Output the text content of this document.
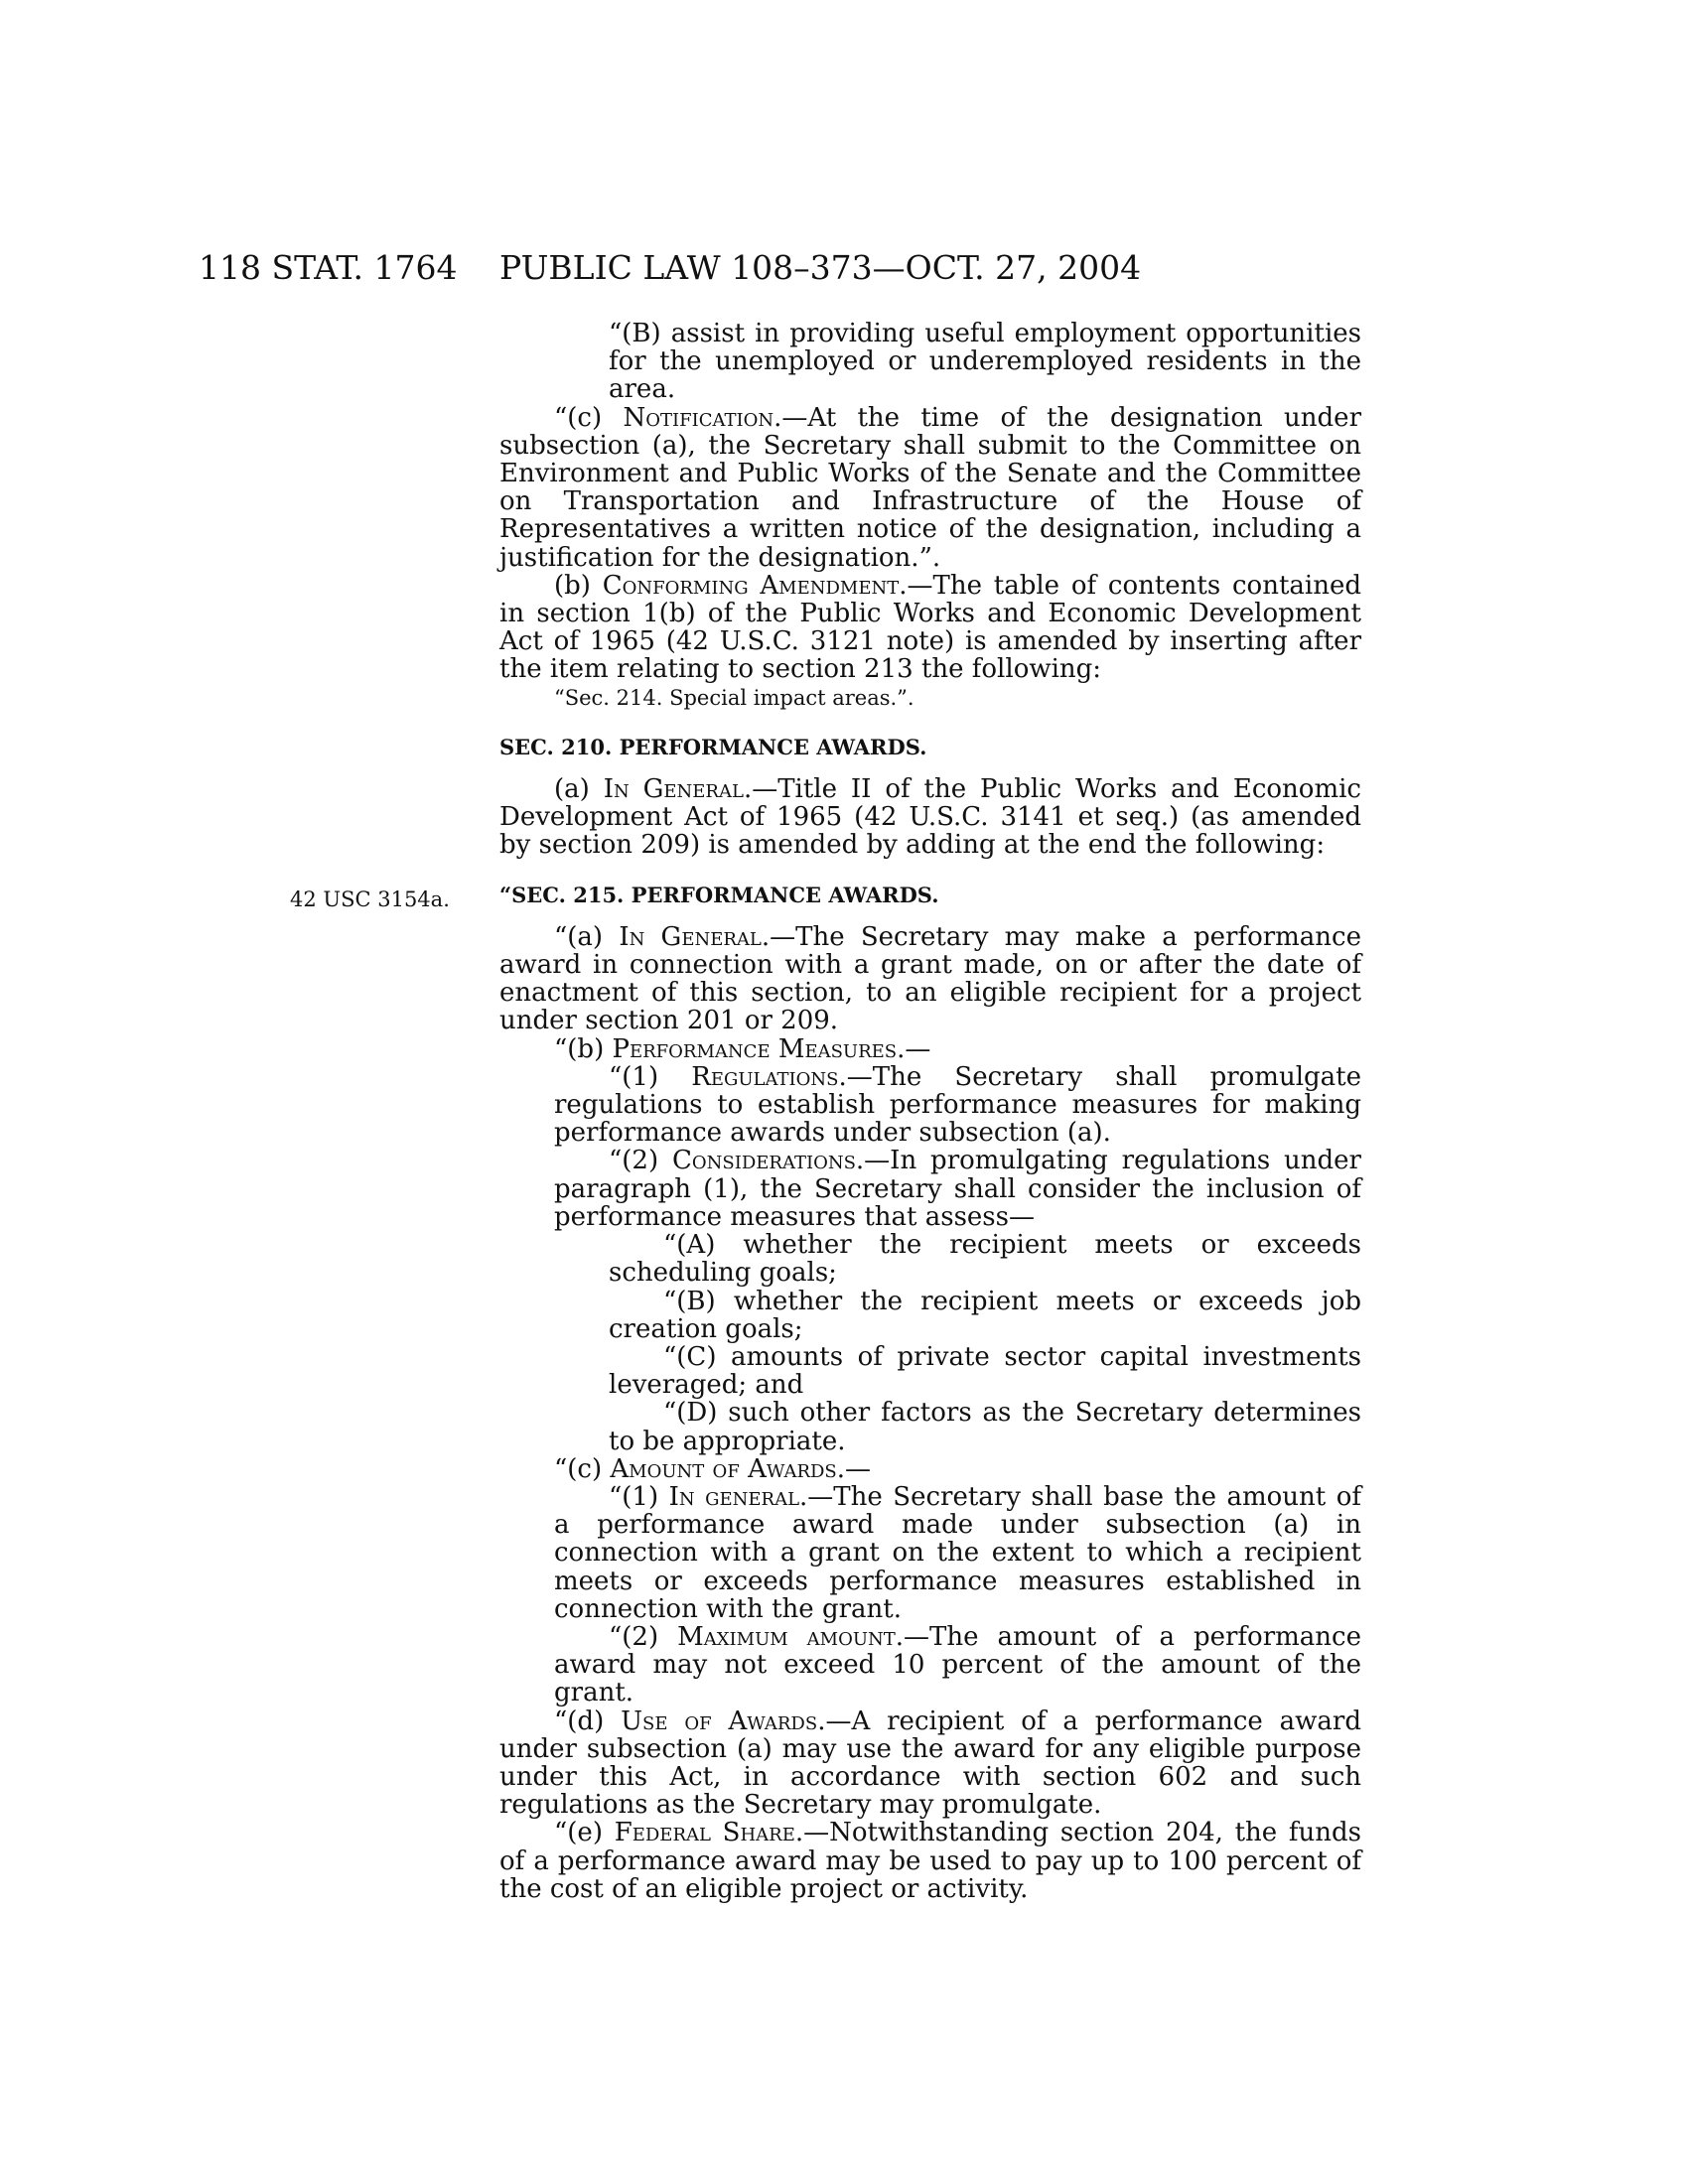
118 STAT. 1764 PUBLIC LAW 108–373—OCT. 27, 2004
42 USC 3154a.

“(B) assist in providing useful employment opportunities for the unemployed or underemployed residents in the area.

“(c) Notification.—At the time of the designation under subsection (a), the Secretary shall submit to the Committee on Environment and Public Works of the Senate and the Committee on Transportation and Infrastructure of the House of Representatives a written notice of the designation, including a justification for the designation.”.

(b) Conforming Amendment.—The table of contents contained in section 1(b) of the Public Works and Economic Development Act of 1965 (42 U.S.C. 3121 note) is amended by inserting after the item relating to section 213 the following:

“Sec. 214. Special impact areas.”.

SEC. 210. PERFORMANCE AWARDS.

(a) In General.—Title II of the Public Works and Economic Development Act of 1965 (42 U.S.C. 3141 et seq.) (as amended by section 209) is amended by adding at the end the following:

“SEC. 215. PERFORMANCE AWARDS.

“(a) In General.—The Secretary may make a performance award in connection with a grant made, on or after the date of enactment of this section, to an eligible recipient for a project under section 201 or 209.

“(b) Performance Measures.—

“(1) Regulations.—The Secretary shall promulgate regulations to establish performance measures for making performance awards under subsection (a).

“(2) Considerations.—In promulgating regulations under paragraph (1), the Secretary shall consider the inclusion of performance measures that assess—

“(A) whether the recipient meets or exceeds scheduling goals;

“(B) whether the recipient meets or exceeds job creation goals;

“(C) amounts of private sector capital investments leveraged; and

“(D) such other factors as the Secretary determines to be appropriate.

“(c) Amount of Awards.—

“(1) In general.—The Secretary shall base the amount of a performance award made under subsection (a) in connection with a grant on the extent to which a recipient meets or exceeds performance measures established in connection with the grant.

“(2) Maximum amount.—The amount of a performance award may not exceed 10 percent of the amount of the grant.

“(d) Use of Awards.—A recipient of a performance award under subsection (a) may use the award for any eligible purpose under this Act, in accordance with section 602 and such regulations as the Secretary may promulgate.

“(e) Federal Share.—Notwithstanding section 204, the funds of a performance award may be used to pay up to 100 percent of the cost of an eligible project or activity.
